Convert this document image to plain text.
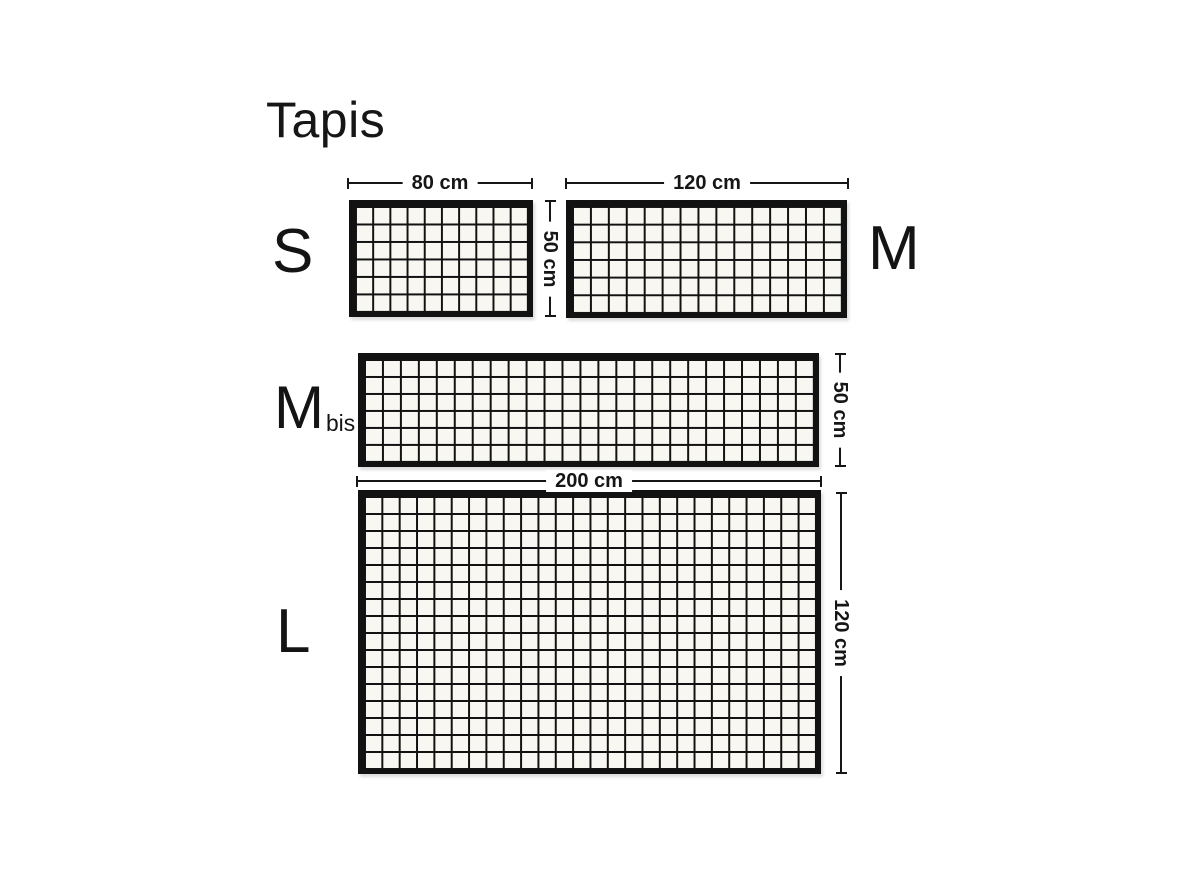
Tapis
S	M
Mbis
L
80 cm	120 cm
50 cm
50 cm
200 cm
120 cm
